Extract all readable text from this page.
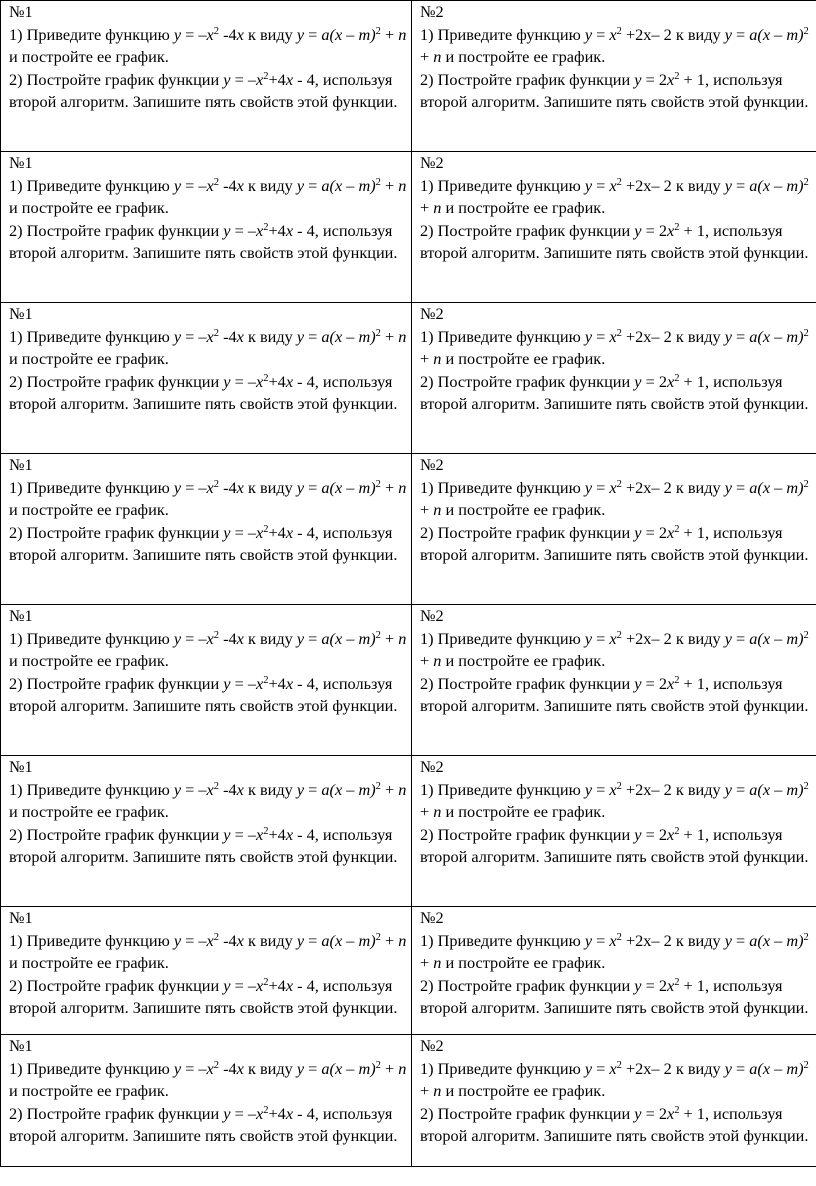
№1
1) Приведите функцию $y = -x^2$ -4x к виду y = a(x – m)$^2$ + n и постройте ее график.
2) Постройте график функции $y = -x^2+4x - 4$, используя второй алгоритм. Запишите пять свойств этой функции.	№2
1) Приведите функцию $y = x^2 +2х-$ 2 к виду y = a(x – m)$^2$ + n и постройте ее график.
2) Постройте график функции $y = 2x^2 + 1$, используя второй алгоритм. Запишите пять свойств этой функции.

№1
1) Приведите функцию $y = -x^2$ -4x к виду y = a(x – m)$^2$ + n и постройте ее график.
2) Постройте график функции $y = -x^2+4x - 4$, используя второй алгоритм. Запишите пять свойств этой функции.	№2
1) Приведите функцию $y = x^2 +2х-$ 2 к виду y = a(x – m)$^2$ + n и постройте ее график.
2) Постройте график функции $y = 2x^2 + 1$, используя второй алгоритм. Запишите пять свойств этой функции.

№1
1) Приведите функцию $y = -x^2$ -4x к виду y = a(x – m)$^2$ + n и постройте ее график.
2) Постройте график функции $y = -x^2+4x - 4$, используя второй алгоритм. Запишите пять свойств этой функции.	№2
1) Приведите функцию $y = x^2 +2х-$ 2 к виду y = a(x – m)$^2$ + n и постройте ее график.
2) Постройте график функции $y = 2x^2 + 1$, используя второй алгоритм. Запишите пять свойств этой функции.

№1
1) Приведите функцию $y = -x^2$ -4x к виду y = a(x – m)$^2$ + n и постройте ее график.
2) Постройте график функции $y = -x^2+4x - 4$, используя второй алгоритм. Запишите пять свойств этой функции.	№2
1) Приведите функцию $y = x^2 +2х-$ 2 к виду y = a(x – m)$^2$ + n и постройте ее график.
2) Постройте график функции $y = 2x^2 + 1$, используя второй алгоритм. Запишите пять свойств этой функции.

№1
1) Приведите функцию $y = -x^2$ -4x к виду y = a(x – m)$^2$ + n и постройте ее график.
2) Постройте график функции $y = -x^2+4x - 4$, используя второй алгоритм. Запишите пять свойств этой функции.	№2
1) Приведите функцию $y = x^2 +2х-$ 2 к виду y = a(x – m)$^2$ + n и постройте ее график.
2) Постройте график функции $y = 2x^2 + 1$, используя второй алгоритм. Запишите пять свойств этой функции.

№1
1) Приведите функцию $y = -x^2$ -4x к виду y = a(x – m)$^2$ + n и постройте ее график.
2) Постройте график функции $y = -x^2+4x - 4$, используя второй алгоритм. Запишите пять свойств этой функции.	№2
1) Приведите функцию $y = x^2 +2х-$ 2 к виду y = a(x – m)$^2$ + n и постройте ее график.
2) Постройте график функции $y = 2x^2 + 1$, используя второй алгоритм. Запишите пять свойств этой функции.

№1
1) Приведите функцию $y = -x^2$ -4x к виду y = a(x – m)$^2$ + n и постройте ее график.
2) Постройте график функции $y = -x^2+4x - 4$, используя второй алгоритм. Запишите пять свойств этой функции.	№2
1) Приведите функцию $y = x^2 +2х-$ 2 к виду y = a(x – m)$^2$ + n и постройте ее график.
2) Постройте график функции $y = 2x^2 + 1$, используя второй алгоритм. Запишите пять свойств этой функции.

№1
1) Приведите функцию $y = -x^2$ -4x к виду y = a(x – m)$^2$ + n и постройте ее график.
2) Постройте график функции $y = -x^2+4x - 4$, используя второй алгоритм. Запишите пять свойств этой функции.	№2
1) Приведите функцию $y = x^2 +2х-$ 2 к виду y = a(x – m)$^2$ + n и постройте ее график.
2) Постройте график функции $y = 2x^2 + 1$, используя второй алгоритм. Запишите пять свойств этой функции.
